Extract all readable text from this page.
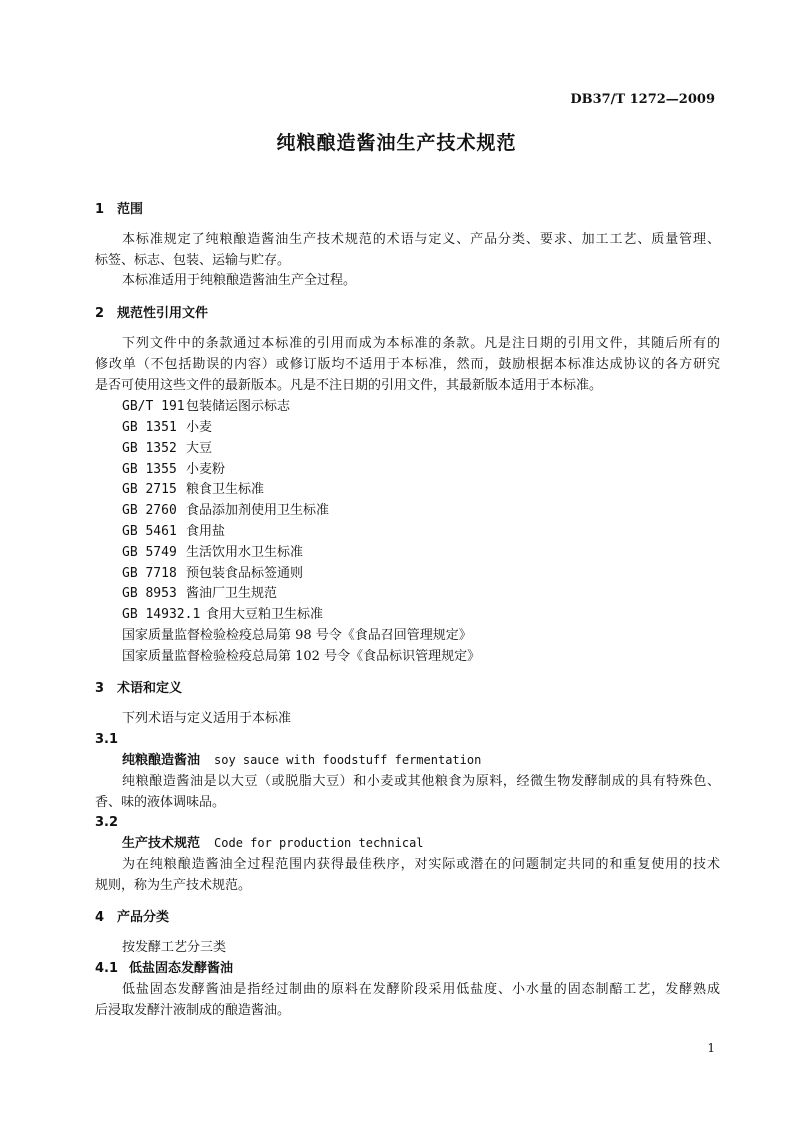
DB37/T 1272—2009
纯粮酿造酱油生产技术规范
1 范围
本标准规定了纯粮酿造酱油生产技术规范的术语与定义、产品分类、要求、加工工艺、质量管理、
标签、标志、包装、运输与贮存。
本标准适用于纯粮酿造酱油生产全过程。
2 规范性引用文件
下列文件中的条款通过本标准的引用而成为本标准的条款。凡是注日期的引用文件，其随后所有的
修改单（不包括勘误的内容）或修订版均不适用于本标准，然而，鼓励根据本标准达成协议的各方研究
是否可使用这些文件的最新版本。凡是不注日期的引用文件，其最新版本适用于本标准。
GB/T 191包装储运图示标志
GB 1351 小麦
GB 1352 大豆
GB 1355 小麦粉
GB 2715 粮食卫生标准
GB 2760 食品添加剂使用卫生标准
GB 5461 食用盐
GB 5749 生活饮用水卫生标准
GB 7718 预包装食品标签通则
GB 8953 酱油厂卫生规范
GB 14932.1 食用大豆粕卫生标准
国家质量监督检验检疫总局第 98 号令《食品召回管理规定》
国家质量监督检验检疫总局第 102 号令《食品标识管理规定》
3 术语和定义
下列术语与定义适用于本标准
3.1
纯粮酿造酱油 soy sauce with foodstuff fermentation
纯粮酿造酱油是以大豆（或脱脂大豆）和小麦或其他粮食为原料，经微生物发酵制成的具有特殊色、
香、味的液体调味品。
3.2
生产技术规范 Code for production technical
为在纯粮酿造酱油全过程范围内获得最佳秩序，对实际或潜在的问题制定共同的和重复使用的技术
规则，称为生产技术规范。
4 产品分类
按发酵工艺分三类
4.1 低盐固态发酵酱油
低盐固态发酵酱油是指经过制曲的原料在发酵阶段采用低盐度、小水量的固态制醅工艺，发酵熟成
后浸取发酵汁液制成的酿造酱油。
1
